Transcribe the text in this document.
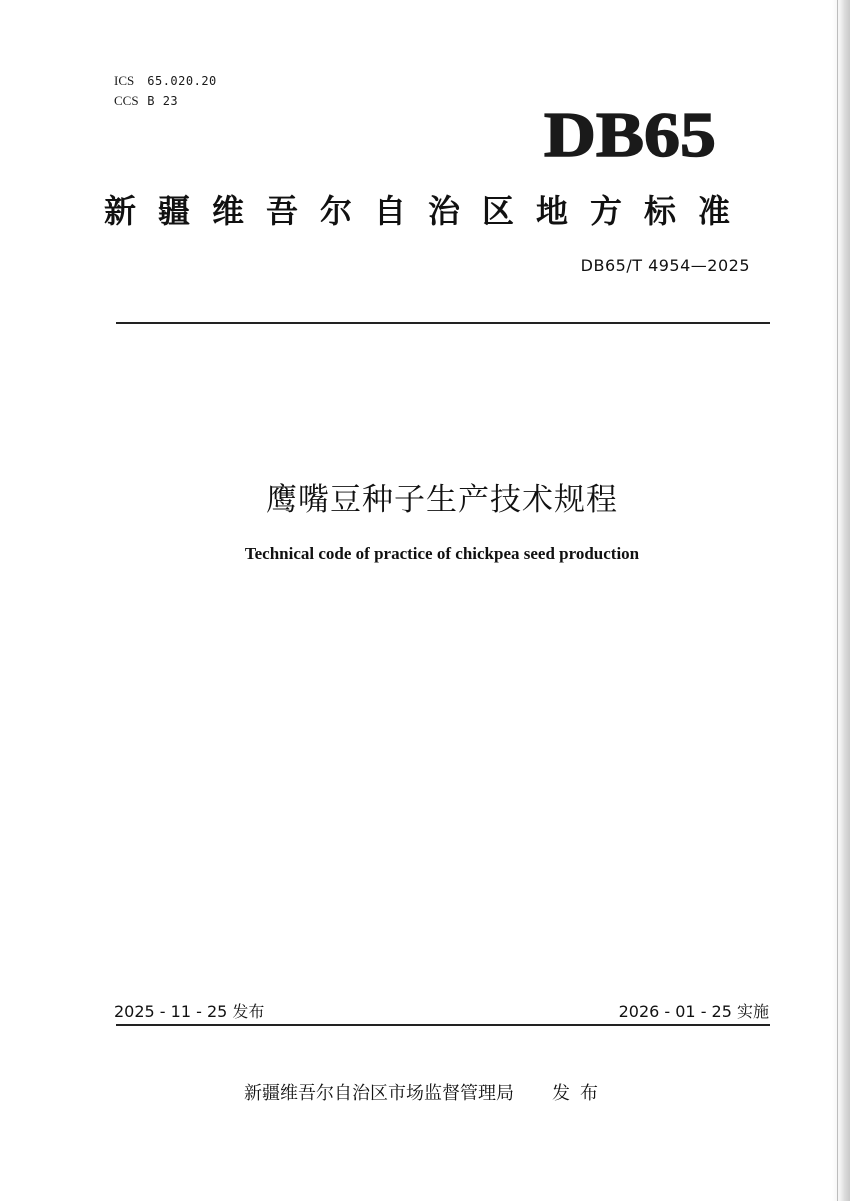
ICS 65.020.20
CCS B 23	DB65
新疆维吾尔自治区地方标准
DB65/T 4954—2025
鹰嘴豆种子生产技术规程
Technical code of practice of chickpea seed production
2025 - 11 - 25 发布	2026 - 01 - 25 实施
新疆维吾尔自治区市场监督管理局 发布
